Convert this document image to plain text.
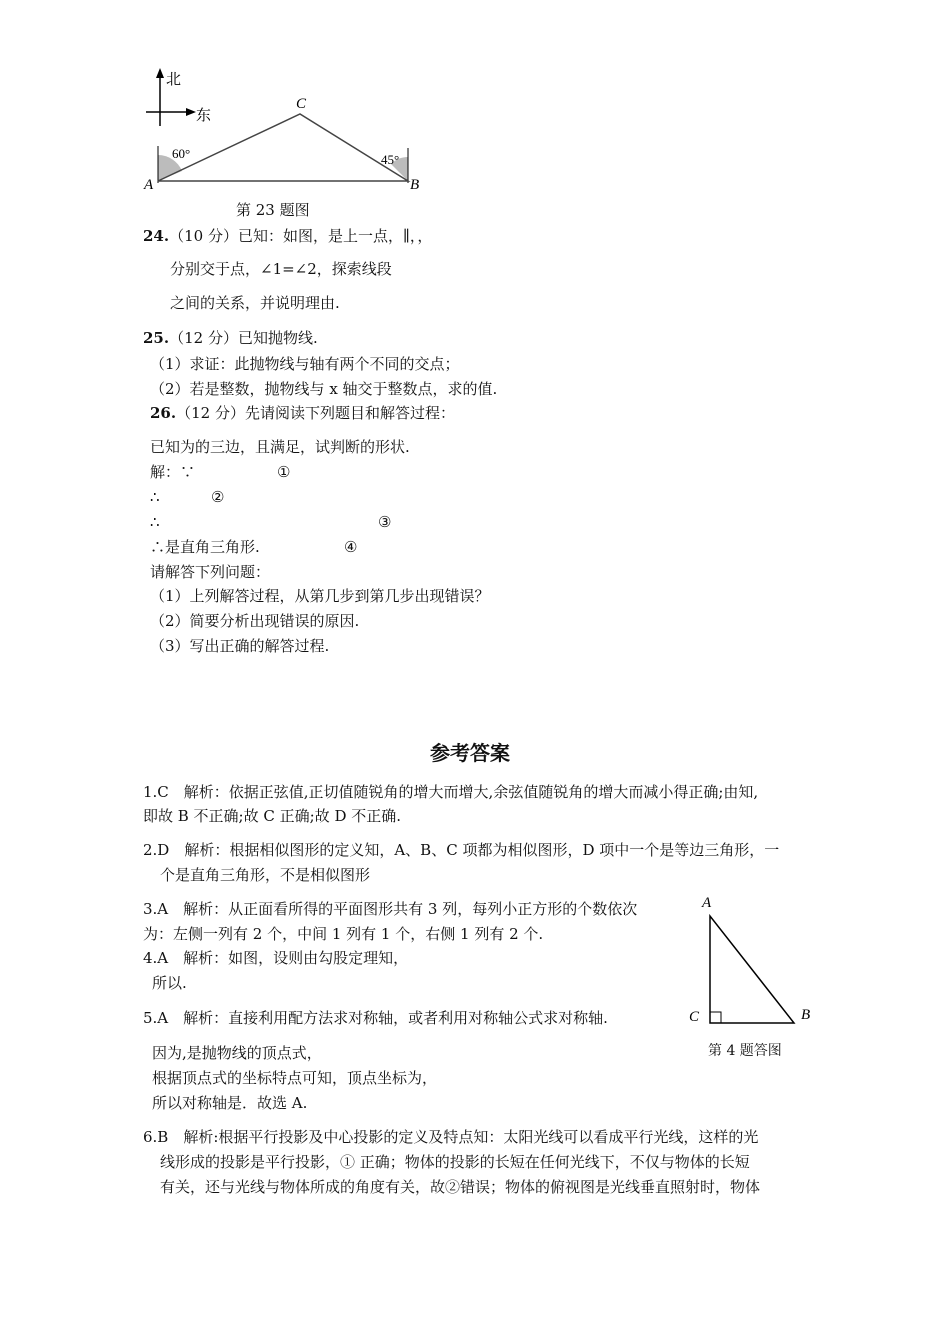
北
东
60°	45°
A	B
C
第 23 题图
24.（10 分）已知：如图，是上一点，∥，，
分别交于点，∠1=∠2，探索线段
之间的关系，并说明理由.
25.（12 分）已知抛物线.
（1）求证：此抛物线与轴有两个不同的交点；
（2）若是整数，抛物线与 x 轴交于整数点，求的值.
26.（12 分）先请阅读下列题目和解答过程：
已知为的三边，且满足，试判断的形状.
解：∵	①
∴	②
∴	③
∴是直角三角形.	④
请解答下列问题：
（1）上列解答过程，从第几步到第几步出现错误？
（2）简要分析出现错误的原因.
（3）写出正确的解答过程.
参考答案
1.C　解析：依据正弦值,正切值随锐角的增大而增大,余弦值随锐角的增大而减小得正确;由知,
即故 B 不正确;故 C 正确;故 D 不正确.
2.D　解析：根据相似图形的定义知，A、B、C 项都为相似图形，D 项中一个是等边三角形，一
个是直角三角形，不是相似图形
3.A　解析：从正面看所得的平面图形共有 3 列，每列小正方形的个数依次
为：左侧一列有 2 个，中间 1 列有 1 个，右侧 1 列有 2 个.
4.A　解析：如图，设则由勾股定理知，
所以.
5.A　解析：直接利用配方法求对称轴，或者利用对称轴公式求对称轴.
因为,是抛物线的顶点式，
根据顶点式的坐标特点可知，顶点坐标为，
所以对称轴是．故选 A.
6.B　解析:根据平行投影及中心投影的定义及特点知：太阳光线可以看成平行光线，这样的光
线形成的投影是平行投影，① 正确；物体的投影的长短在任何光线下，不仅与物体的长短
有关，还与光线与物体所成的角度有关，故②错误；物体的俯视图是光线垂直照射时，物体
A
C	B
第 4 题答图
